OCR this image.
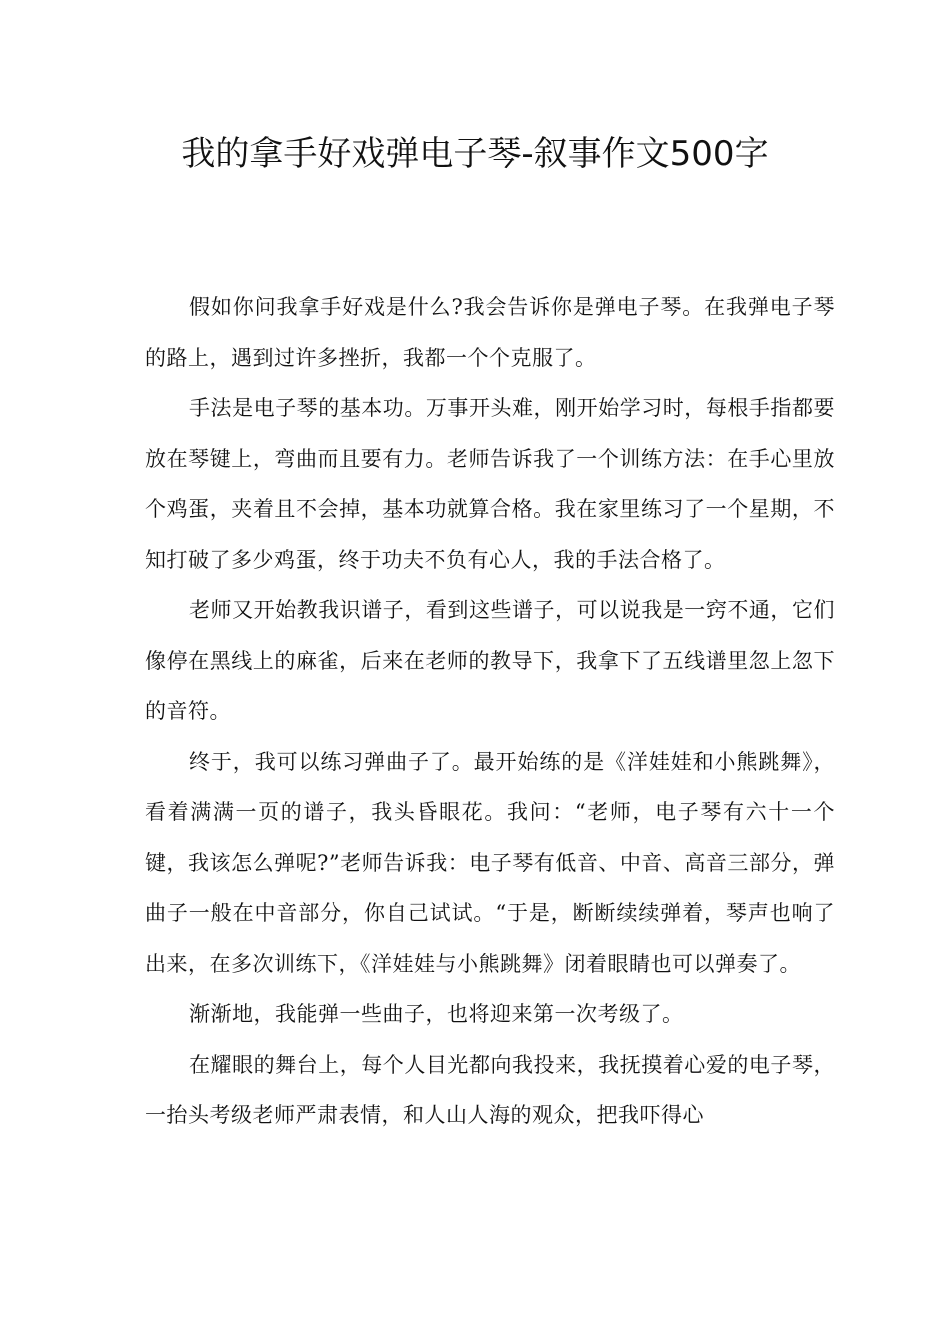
我的拿手好戏弹电子琴-叙事作文500字

假如你问我拿手好戏是什么?我会告诉你是弹电子琴。在我弹电子琴的路上，遇到过许多挫折，我都一个个克服了。

手法是电子琴的基本功。万事开头难，刚开始学习时，每根手指都要放在琴键上，弯曲而且要有力。老师告诉我了一个训练方法：在手心里放个鸡蛋，夹着且不会掉，基本功就算合格。我在家里练习了一个星期，不知打破了多少鸡蛋，终于功夫不负有心人，我的手法合格了。

老师又开始教我识谱子，看到这些谱子，可以说我是一窍不通，它们像停在黑线上的麻雀，后来在老师的教导下，我拿下了五线谱里忽上忽下的音符。

终于，我可以练习弹曲子了。最开始练的是《洋娃娃和小熊跳舞》，看着满满一页的谱子，我头昏眼花。我问：“老师，电子琴有六十一个键，我该怎么弹呢?”老师告诉我：电子琴有低音、中音、高音三部分，弹曲子一般在中音部分，你自己试试。“于是，断断续续弹着，琴声也响了出来，在多次训练下，《洋娃娃与小熊跳舞》闭着眼睛也可以弹奏了。

渐渐地，我能弹一些曲子，也将迎来第一次考级了。

在耀眼的舞台上，每个人目光都向我投来，我抚摸着心爱的电子琴，一抬头考级老师严肃表情，和人山人海的观众，把我吓得心
